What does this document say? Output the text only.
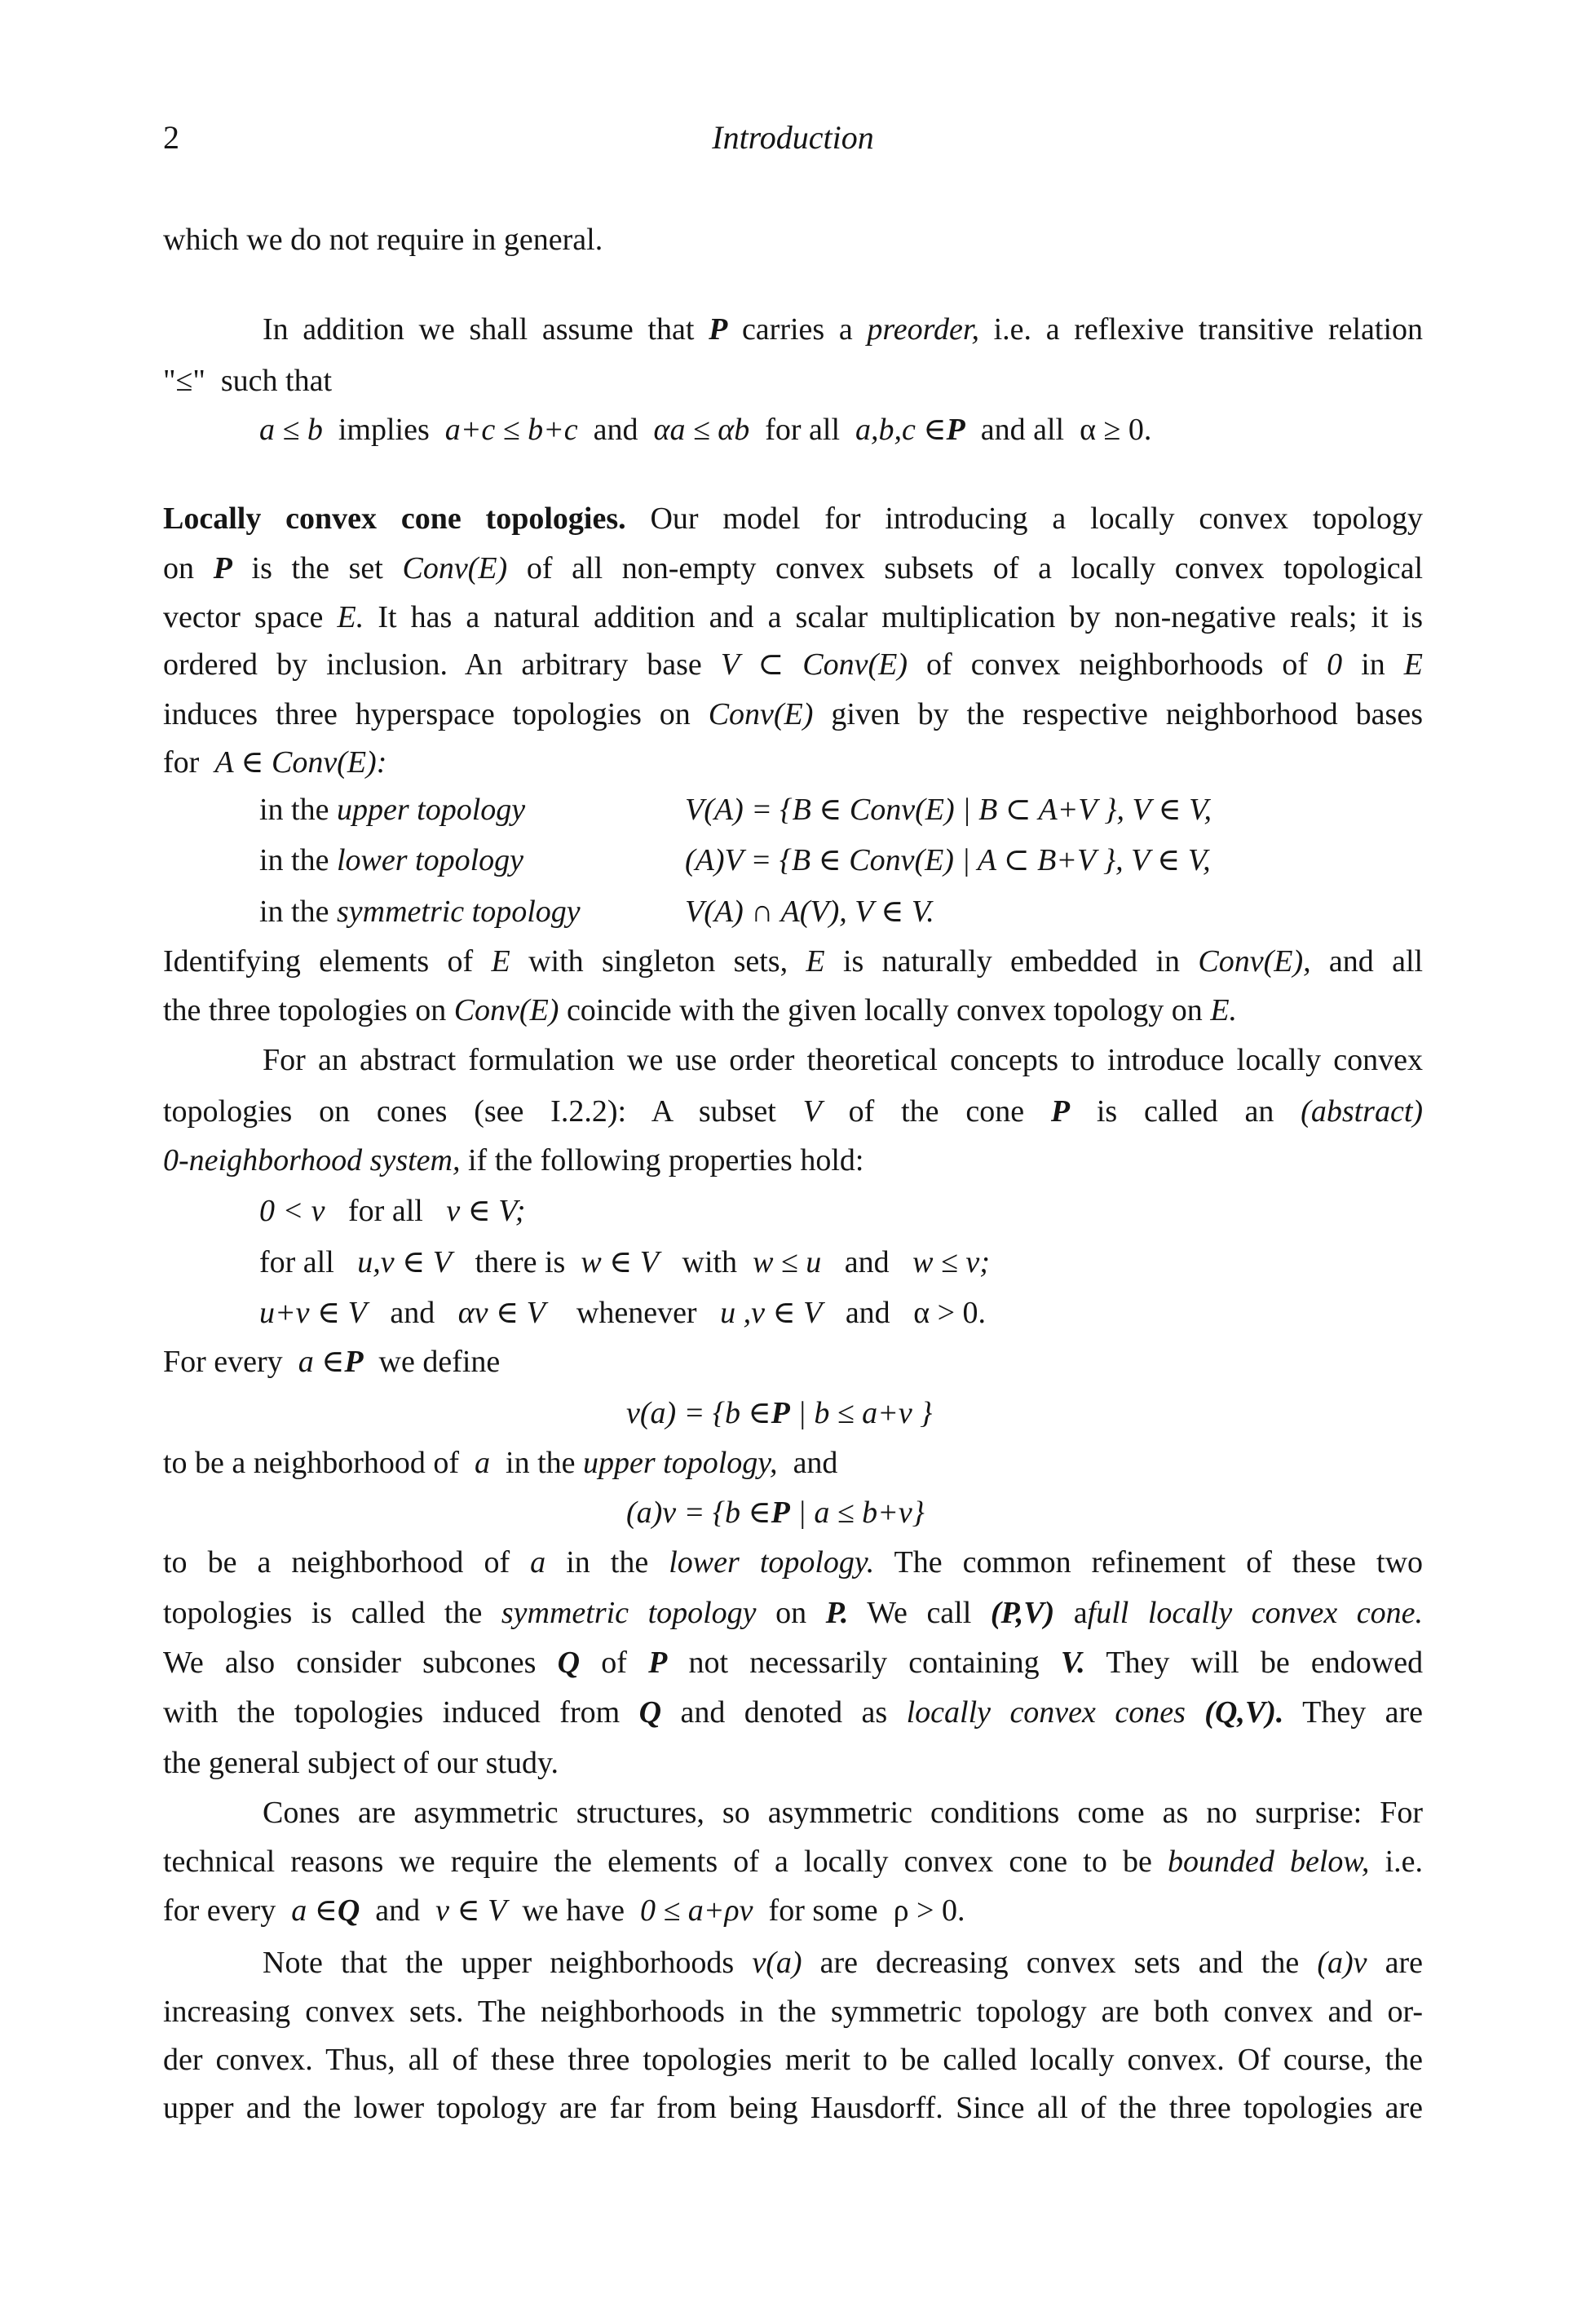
2	Introduction
which we do not require in general.
In addition we shall assume that P carries a preorder, i.e. a reflexive transitive relation
"≤" such that
a ≤ b implies a+c ≤ b+c and αa ≤ αb for all a,b,c ∈P and all α ≥ 0.
Locally convex cone topologies. Our model for introducing a locally convex topology
on P is the set Conv(E) of all non-empty convex subsets of a locally convex topological
vector space E. It has a natural addition and a scalar multiplication by non-negative reals; it is
ordered by inclusion. An arbitrary base V ⊂ Conv(E) of convex neighborhoods of 0 in E
induces three hyperspace topologies on Conv(E) given by the respective neighborhood bases
for A ∈ Conv(E):
in the upper topology	V(A) = {B ∈ Conv(E) | B ⊂ A+V }, V ∈ V,
in the lower topology	(A)V = {B ∈ Conv(E) | A ⊂ B+V }, V ∈ V,
in the symmetric topology	V(A) ∩ A(V), V ∈ V.
Identifying elements of E with singleton sets, E is naturally embedded in Conv(E), and all
the three topologies on Conv(E) coincide with the given locally convex topology on E.
For an abstract formulation we use order theoretical concepts to introduce locally convex
topologies on cones (see I.2.2): A subset V of the cone P is called an (abstract)
0-neighborhood system, if the following properties hold:
0 < v for all v ∈ V;
for all u,v ∈ V there is w ∈ V with w ≤ u and w ≤ v;
u+v ∈ V and αv ∈ V whenever u ,v ∈ V and α > 0.
For every a ∈P we define
v(a) = {b ∈P | b ≤ a+v }
to be a neighborhood of a in the upper topology, and
(a)v = {b ∈P | a ≤ b+v}
to be a neighborhood of a in the lower topology. The common refinement of these two
topologies is called the symmetric topology on P. We call (P,V) afull locally convex cone.
We also consider subcones Q of P not necessarily containing V. They will be endowed
with the topologies induced from Q and denoted as locally convex cones (Q,V). They are
the general subject of our study.
Cones are asymmetric structures, so asymmetric conditions come as no surprise: For
technical reasons we require the elements of a locally convex cone to be bounded below, i.e.
for every a ∈Q and v ∈ V we have 0 ≤ a+ρv for some ρ > 0.
Note that the upper neighborhoods v(a) are decreasing convex sets and the (a)v are
increasing convex sets. The neighborhoods in the symmetric topology are both convex and or-
der convex. Thus, all of these three topologies merit to be called locally convex. Of course, the
upper and the lower topology are far from being Hausdorff. Since all of the three topologies are
